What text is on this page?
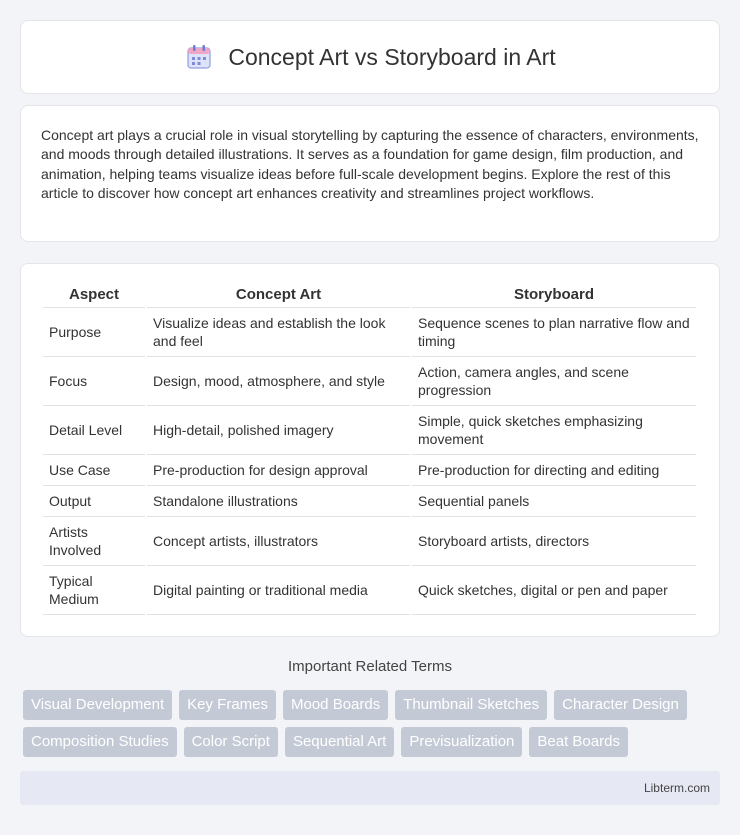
Concept Art vs Storyboard in Art

Concept art plays a crucial role in visual storytelling by capturing the essence of characters, environments, and moods through detailed illustrations. It serves as a foundation for game design, film production, and animation, helping teams visualize ideas before full-scale development begins. Explore the rest of this article to discover how concept art enhances creativity and streamlines project workflows.

Aspect	Concept Art	Storyboard
Purpose	Visualize ideas and establish the look and feel	Sequence scenes to plan narrative flow and timing
Focus	Design, mood, atmosphere, and style	Action, camera angles, and scene progression
Detail Level	High-detail, polished imagery	Simple, quick sketches emphasizing movement
Use Case	Pre-production for design approval	Pre-production for directing and editing
Output	Standalone illustrations	Sequential panels
Artists Involved	Concept artists, illustrators	Storyboard artists, directors
Typical Medium	Digital painting or traditional media	Quick sketches, digital or pen and paper
Important Related Terms
Visual Development	Key Frames	Mood Boards	Thumbnail Sketches	Character Design
Composition Studies	Color Script	Sequential Art	Previsualization	Beat Boards
Libterm.com
